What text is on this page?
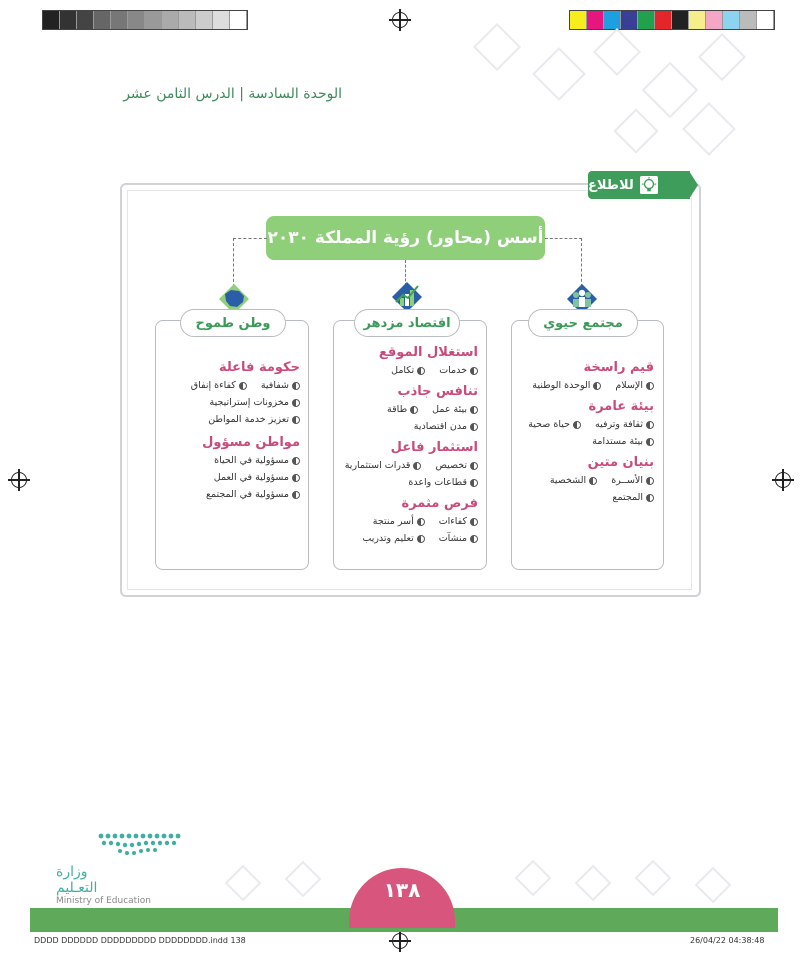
الوحدة السادسة | الدرس الثامن عشر
للاطلاع
أسس (محاور) رؤية المملكة ٢٠٣٠
مجتمع حيوي
اقتصاد مزدهر
وطن طموح
قيم راسخة
الإسلام
الوحدة الوطنية
بيئة عامرة
ثقافة وترفيه
حياة صحية
بيئة مستدامة
بنيان متين
الأســرة
الشخصية
المجتمع
استغلال الموقع
خدمات
تكامل
تنافس جاذب
بيئة عمل
طاقة
مدن اقتصادية
استثمار فاعل
تخصيص
قدرات استثمارية
قطاعات واعدة
فرص مثمرة
كفاءات
أسر منتجة
منشآت
تعليم وتدريب
حكومة فاعلة
شفافية
كفاءة إنفاق
مخزونات إستراتيجية
تعزيز خدمة المواطن
مواطن مسؤول
مسؤولية في الحياة
مسؤولية في العمل
مسؤولية في المجتمع
وزارة التعـليم
Ministry of Education	١٣٨
DDDD DDDDDD DDDDDDDDD DDDDDDDD.indd 138	26/04/22 04:38:48
